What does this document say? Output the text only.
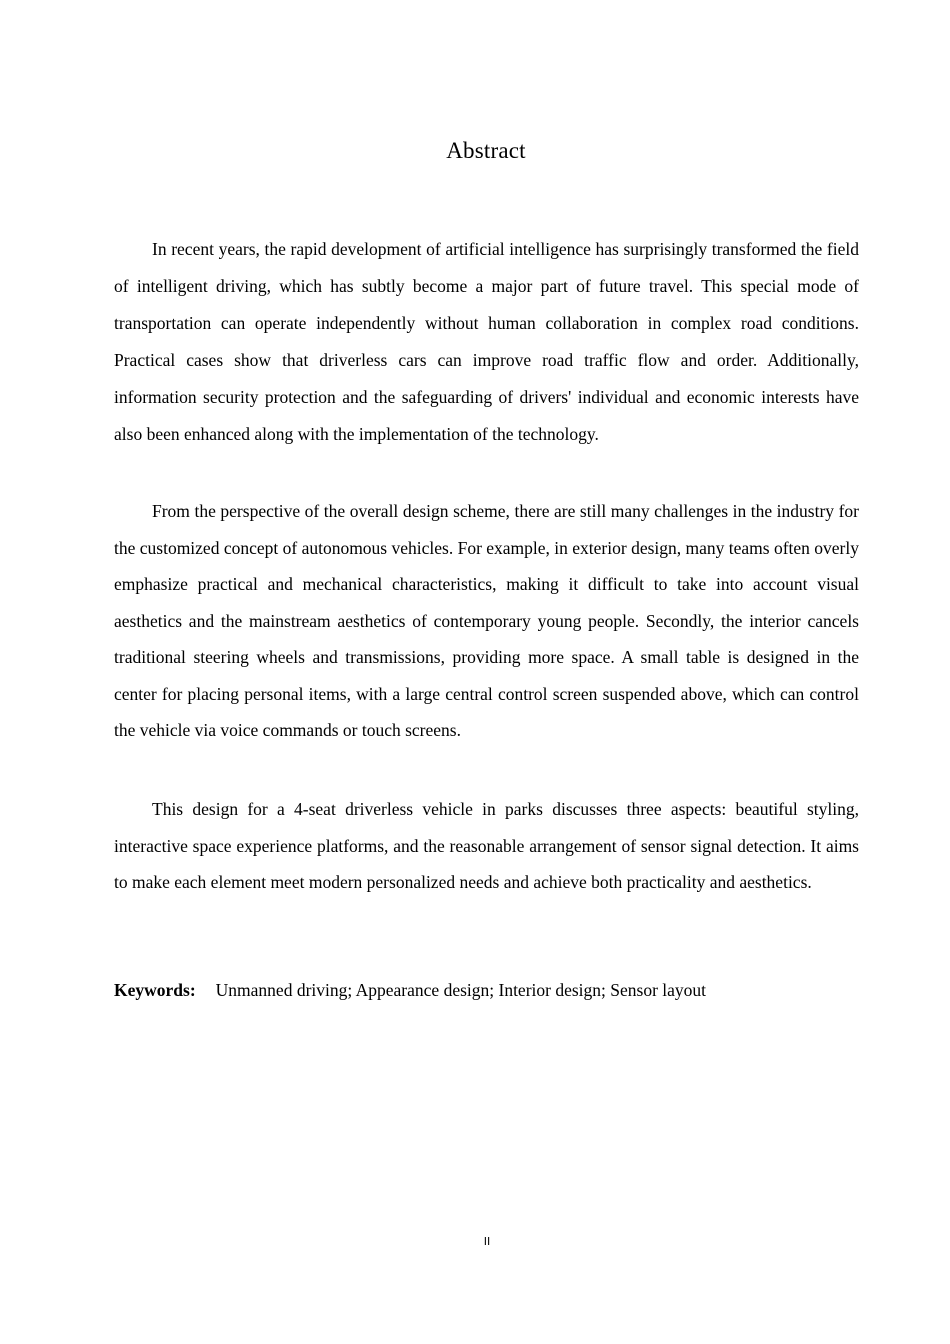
Abstract

In recent years, the rapid development of artificial intelligence has surprisingly transformed the field of intelligent driving, which has subtly become a major part of future travel. This special mode of transportation can operate independently without human collaboration in complex road conditions. Practical cases show that driverless cars can improve road traffic flow and order. Additionally, information security protection and the safeguarding of drivers' individual and economic interests have also been enhanced along with the implementation of the technology.

From the perspective of the overall design scheme, there are still many challenges in the industry for the customized concept of autonomous vehicles. For example, in exterior design, many teams often overly emphasize practical and mechanical characteristics, making it difficult to take into account visual aesthetics and the mainstream aesthetics of contemporary young people. Secondly, the interior cancels traditional steering wheels and transmissions, providing more space. A small table is designed in the center for placing personal items, with a large central control screen suspended above, which can control the vehicle via voice commands or touch screens.

This design for a 4-seat driverless vehicle in parks discusses three aspects: beautiful styling, interactive space experience platforms, and the reasonable arrangement of sensor signal detection. It aims to make each element meet modern personalized needs and achieve both practicality and aesthetics.

Keywords: Unmanned driving; Appearance design; Interior design; Sensor layout
II
